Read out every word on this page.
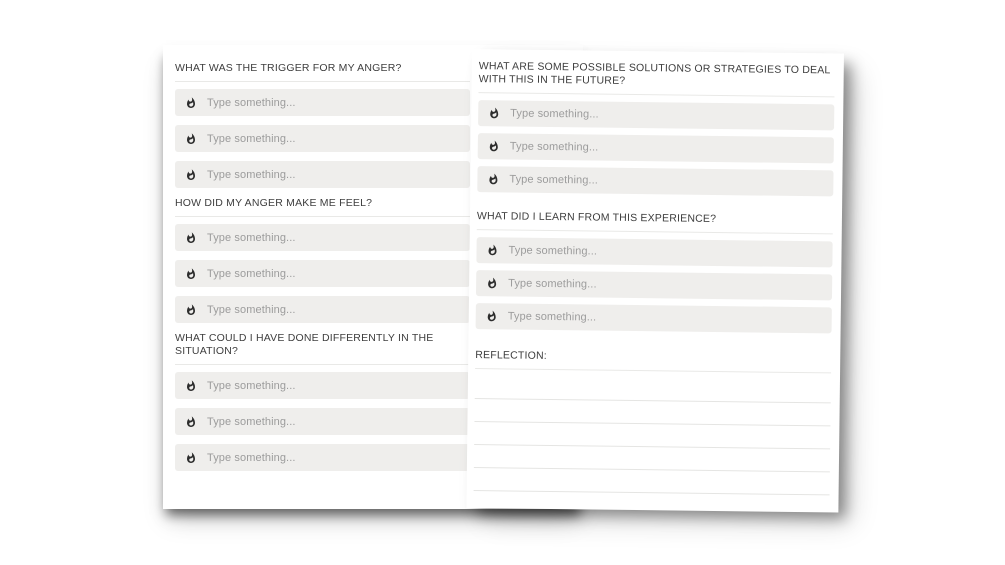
WHAT WAS THE TRIGGER FOR MY ANGER?
Type something...
Type something...
Type something...
HOW DID MY ANGER MAKE ME FEEL?
Type something...
Type something...
Type something...
WHAT COULD I HAVE DONE DIFFERENTLY IN THE SITUATION?
Type something...
Type something...
Type something...
WHAT ARE SOME POSSIBLE SOLUTIONS OR STRATEGIES TO DEAL WITH THIS IN THE FUTURE?
Type something...
Type something...
Type something...
WHAT DID I LEARN FROM THIS EXPERIENCE?
Type something...
Type something...
Type something...
REFLECTION:
